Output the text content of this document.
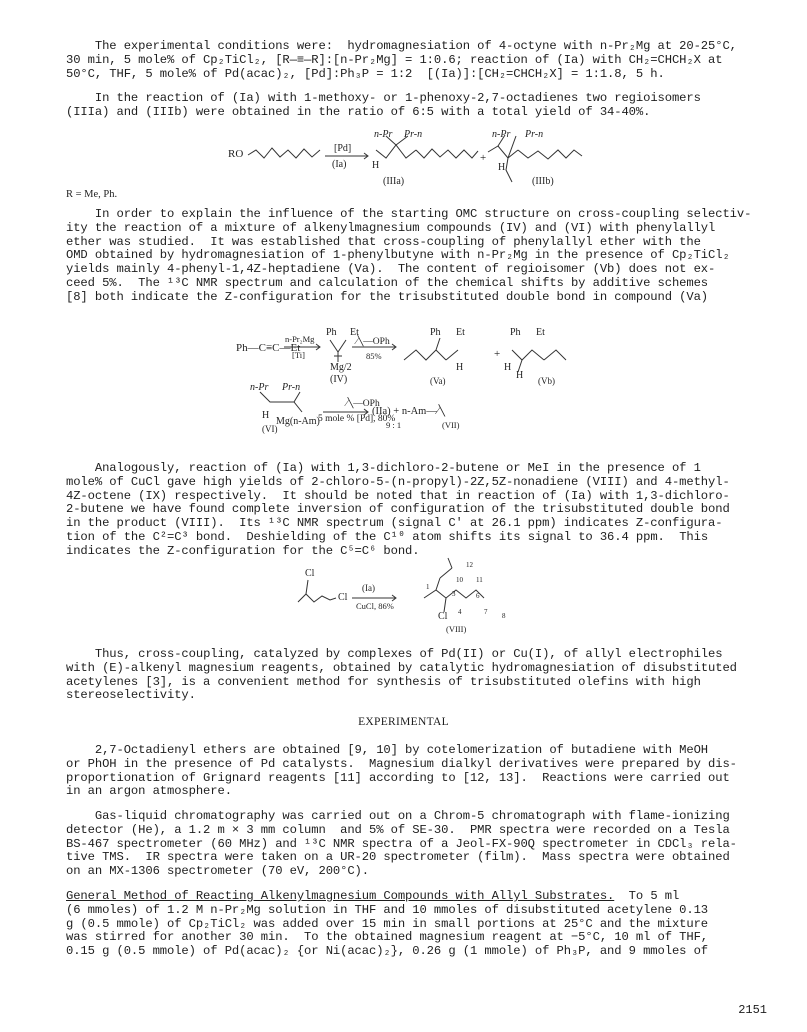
The experimental conditions were:  hydromagnesiation of 4-octyne with n-Pr₂Mg at 20-25°C,
30 min, 5 mole% of Cp₂TiCl₂, [R—≡—R]:[n-Pr₂Mg] = 1:0.6; reaction of (Ia) with CH₂=CHCH₂X at
50°C, THF, 5 mole% of Pd(acac)₂, [Pd]:Ph₃P = 1:2  [(Ia)]:[CH₂=CHCH₂X] = 1:1.8, 5 h.
In the reaction of (Ia) with 1-methoxy- or 1-phenoxy-2,7-octadienes two regioisomers
(IIIa) and (IIIb) were obtained in the ratio of 6:5 with a total yield of 34-40%.
RO	[Pd]
(Ia)
n-Pr Pr-n
H
+
n-Pr Pr-n
H
(IIIa)	(IIIb)
R = Me, Ph.
In order to explain the influence of the starting OMC structure on cross-coupling selectiv-
ity the reaction of a mixture of alkenylmagnesium compounds (IV) and (VI) with phenylallyl
ether was studied.  It was established that cross-coupling of phenylallyl ether with the
OMD obtained by hydromagnesiation of 1-phenylbutyne with n-Pr₂Mg in the presence of Cp₂TiCl₂
yields mainly 4-phenyl-1,4Z-heptadiene (Va).  The content of regioisomer (Vb) does not ex-
ceed 5%.  The ¹³C NMR spectrum and calculation of the chemical shifts by additive schemes
[8] both indicate the Z-configuration for the trisubstituted double bond in compound (Va)
Ph—C≡C—Et
n-Pr₂Mg
[Ti]
Ph Et
Mg/2
(IV)
∕╲—OPh
85%
Ph Et
H
+
Ph Et
H
H
(Va)	(Vb)
n-Pr Pr-n
H
Mg(n-Am)
(VI)
∕╲—OPh
5 mole % [Pd], 80%
(IIa) + n-Am—∕╲
9 : 1	(VII)
Analogously, reaction of (Ia) with 1,3-dichloro-2-butene or MeI in the presence of 1
mole% of CuCl gave high yields of 2-chloro-5-(n-propyl)-2Z,5Z-nonadiene (VIII) and 4-methyl-
4Z-octene (IX) respectively.  It should be noted that in reaction of (Ia) with 1,3-dichloro-
2-butene we have found complete inversion of configuration of the trisubstituted double bond
in the product (VIII).  Its ¹³C NMR spectrum (signal C' at 26.1 ppm) indicates Z-configura-
tion of the C²=C³ bond.  Deshielding of the C¹⁰ atom shifts its signal to 36.4 ppm.  This
indicates the Z-configuration for the C⁵=C⁶ bond.
Cl
Cl
(Ia)
CuCl, 86%
12
10 11
1
3	6
4	7 8
Cl
(VIII)
Thus, cross-coupling, catalyzed by complexes of Pd(II) or Cu(I), of allyl electrophiles
with (E)-alkenyl magnesium reagents, obtained by catalytic hydromagnesiation of disubstituted
acetylenes [3], is a convenient method for synthesis of trisubstituted olefins with high
stereoselectivity.
EXPERIMENTAL
2,7-Octadienyl ethers are obtained [9, 10] by cotelomerization of butadiene with MeOH
or PhOH in the presence of Pd catalysts.  Magnesium dialkyl derivatives were prepared by dis-
proportionation of Grignard reagents [11] according to [12, 13].  Reactions were carried out
in an argon atmosphere.
Gas-liquid chromatography was carried out on a Chrom-5 chromatograph with flame-ionizing
detector (He), a 1.2 m × 3 mm column  and 5% of SE-30.  PMR spectra were recorded on a Tesla
BS-467 spectrometer (60 MHz) and ¹³C NMR spectra of a Jeol-FX-90Q spectrometer in CDCl₃ rela-
tive TMS.  IR spectra were taken on a UR-20 spectrometer (film).  Mass spectra were obtained
on an MX-1306 spectrometer (70 eV, 200°C).
General Method of Reacting Alkenylmagnesium Compounds with Allyl Substrates.  To 5 ml
(6 mmoles) of 1.2 M n-Pr₂Mg solution in THF and 10 mmoles of disubstituted acetylene 0.13
g (0.5 mmole) of Cp₂TiCl₂ was added over 15 min in small portions at 25°C and the mixture
was stirred for another 30 min.  To the obtained magnesium reagent at −5°C, 10 ml of THF,
0.15 g (0.5 mmole) of Pd(acac)₂ {or Ni(acac)₂}, 0.26 g (1 mmole) of Ph₃P, and 9 mmoles of
2151
